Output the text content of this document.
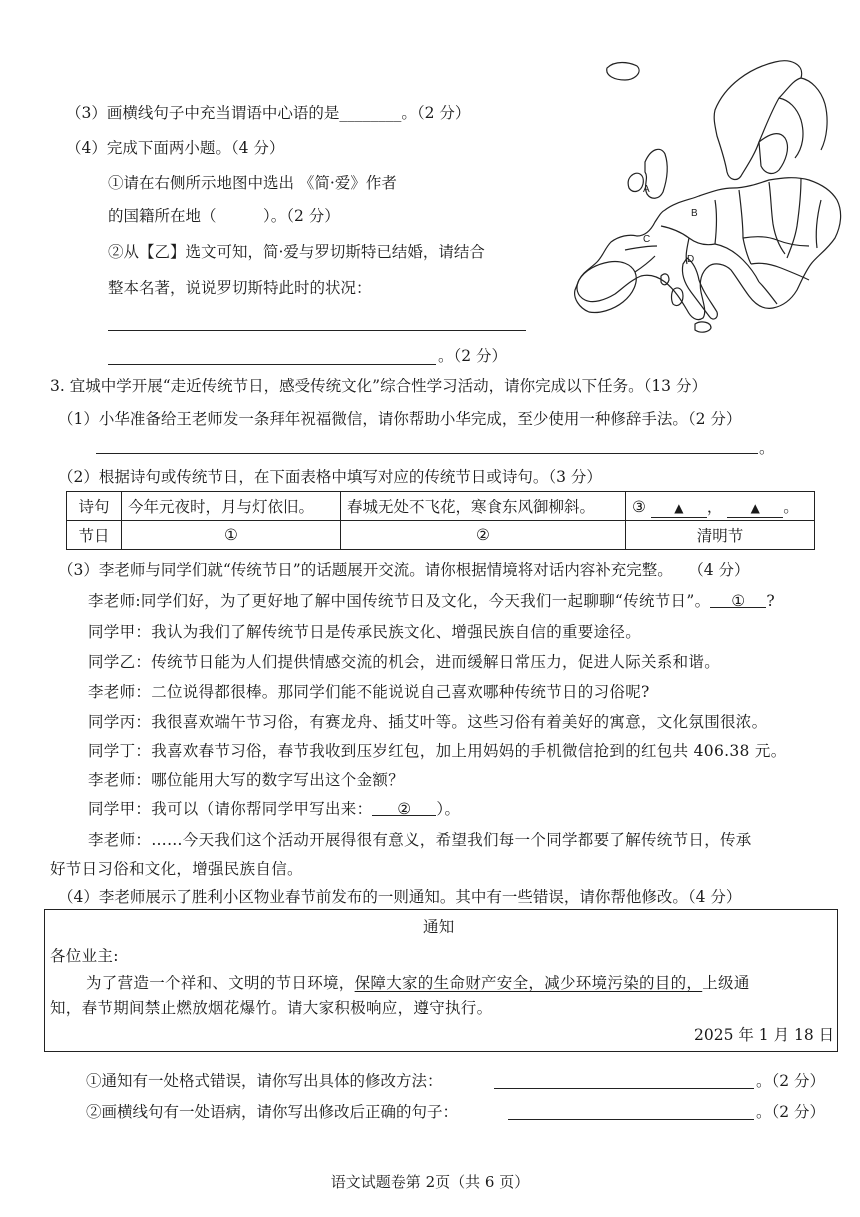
（3）画横线句子中充当谓语中心语的是________。（2 分）
（4）完成下面两小题。（4 分）
①请在右侧所示地图中选出 《简·爱》作者
的国籍所在地（　　　）。（2 分）
②从【乙】选文可知，简·爱与罗切斯特已结婚，请结合
整本名著，说说罗切斯特此时的状况：
。（2 分）
A
B
C
D
3. 宜城中学开展“走近传统节日，感受传统文化”综合性学习活动，请你完成以下任务。（13 分）
（1）小华准备给王老师发一条拜年祝福微信，请你帮助小华完成，至少使用一种修辞手法。（2 分）
。
（2）根据诗句或传统节日，在下面表格中填写对应的传统节日或诗句。（3 分）
诗句	今年元夜时，月与灯依旧。	春城无处不飞花，寒食东风御柳斜。	③ ▲ ， ▲ 。
节日	①	②	清明节
（3）李老师与同学们就“传统节日”的话题展开交流。请你根据情境将对话内容补充完整。　　（4 分）
李老师:同学们好，为了更好地了解中国传统节日及文化，今天我们一起聊聊“传统节日”。 ① ?
同学甲：我认为我们了解传统节日是传承民族文化、增强民族自信的重要途径。
同学乙：传统节日能为人们提供情感交流的机会，进而缓解日常压力，促进人际关系和谐。
李老师：二位说得都很棒。那同学们能不能说说自己喜欢哪种传统节日的习俗呢?
同学丙：我很喜欢端午节习俗，有赛龙舟、插艾叶等。这些习俗有着美好的寓意，文化氛围很浓。
同学丁：我喜欢春节习俗，春节我收到压岁红包，加上用妈妈的手机微信抢到的红包共 406.38 元。
李老师：哪位能用大写的数字写出这个金额？
同学甲：我可以（请你帮同学甲写出来： ② ）。
李老师：……今天我们这个活动开展得很有意义，希望我们每一个同学都要了解传统节日，传承
好节日习俗和文化，增强民族自信。
（4）李老师展示了胜利小区物业春节前发布的一则通知。其中有一些错误，请你帮他修改。（4 分）
通知
各位业主:
为了营造一个祥和、文明的节日环境，保障大家的生命财产安全，减少环境污染的目的，上级通
知，春节期间禁止燃放烟花爆竹。请大家积极响应，遵守执行。
2025 年 1 月 18 日
①通知有一处格式错误，请你写出具体的修改方法：	。（2 分）
②画横线句有一处语病，请你写出修改后正确的句子：	。（2 分）
语文试题卷第 2页（共 6 页）
